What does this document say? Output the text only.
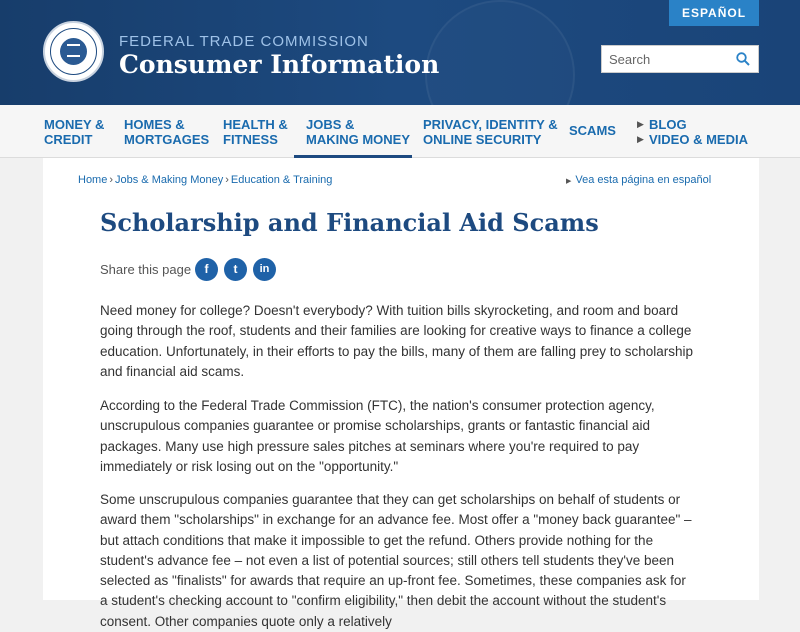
FEDERAL TRADE COMMISSION
Consumer Information
ESPAÑOL
Search
MONEY &
CREDIT
HOMES &
MORTGAGES
HEALTH &
FITNESS
JOBS &
MAKING MONEY
PRIVACY, IDENTITY &
ONLINE SECURITY
SCAMS ▶ BLOG
▶ VIDEO & MEDIA
Home › Jobs & Making Money › Education & Training	▶ Vea esta página en español
Scholarship and Financial Aid Scams
Share this page	f	t	in

Need money for college? Doesn't everybody? With tuition bills skyrocketing, and room and board going through the roof, students and their families are looking for creative ways to finance a college education. Unfortunately, in their efforts to pay the bills, many of them are falling prey to scholarship and financial aid scams.

According to the Federal Trade Commission (FTC), the nation's consumer protection agency, unscrupulous companies guarantee or promise scholarships, grants or fantastic financial aid packages. Many use high pressure sales pitches at seminars where you're required to pay immediately or risk losing out on the "opportunity."

Some unscrupulous companies guarantee that they can get scholarships on behalf of students or award them "scholarships" in exchange for an advance fee. Most offer a "money back guarantee" – but attach conditions that make it impossible to get the refund. Others provide nothing for the student's advance fee – not even a list of potential sources; still others tell students they've been selected as "finalists" for awards that require an up-front fee. Sometimes, these companies ask for a student's checking account to "confirm eligibility," then debit the account without the student's consent. Other companies quote only a relatively
